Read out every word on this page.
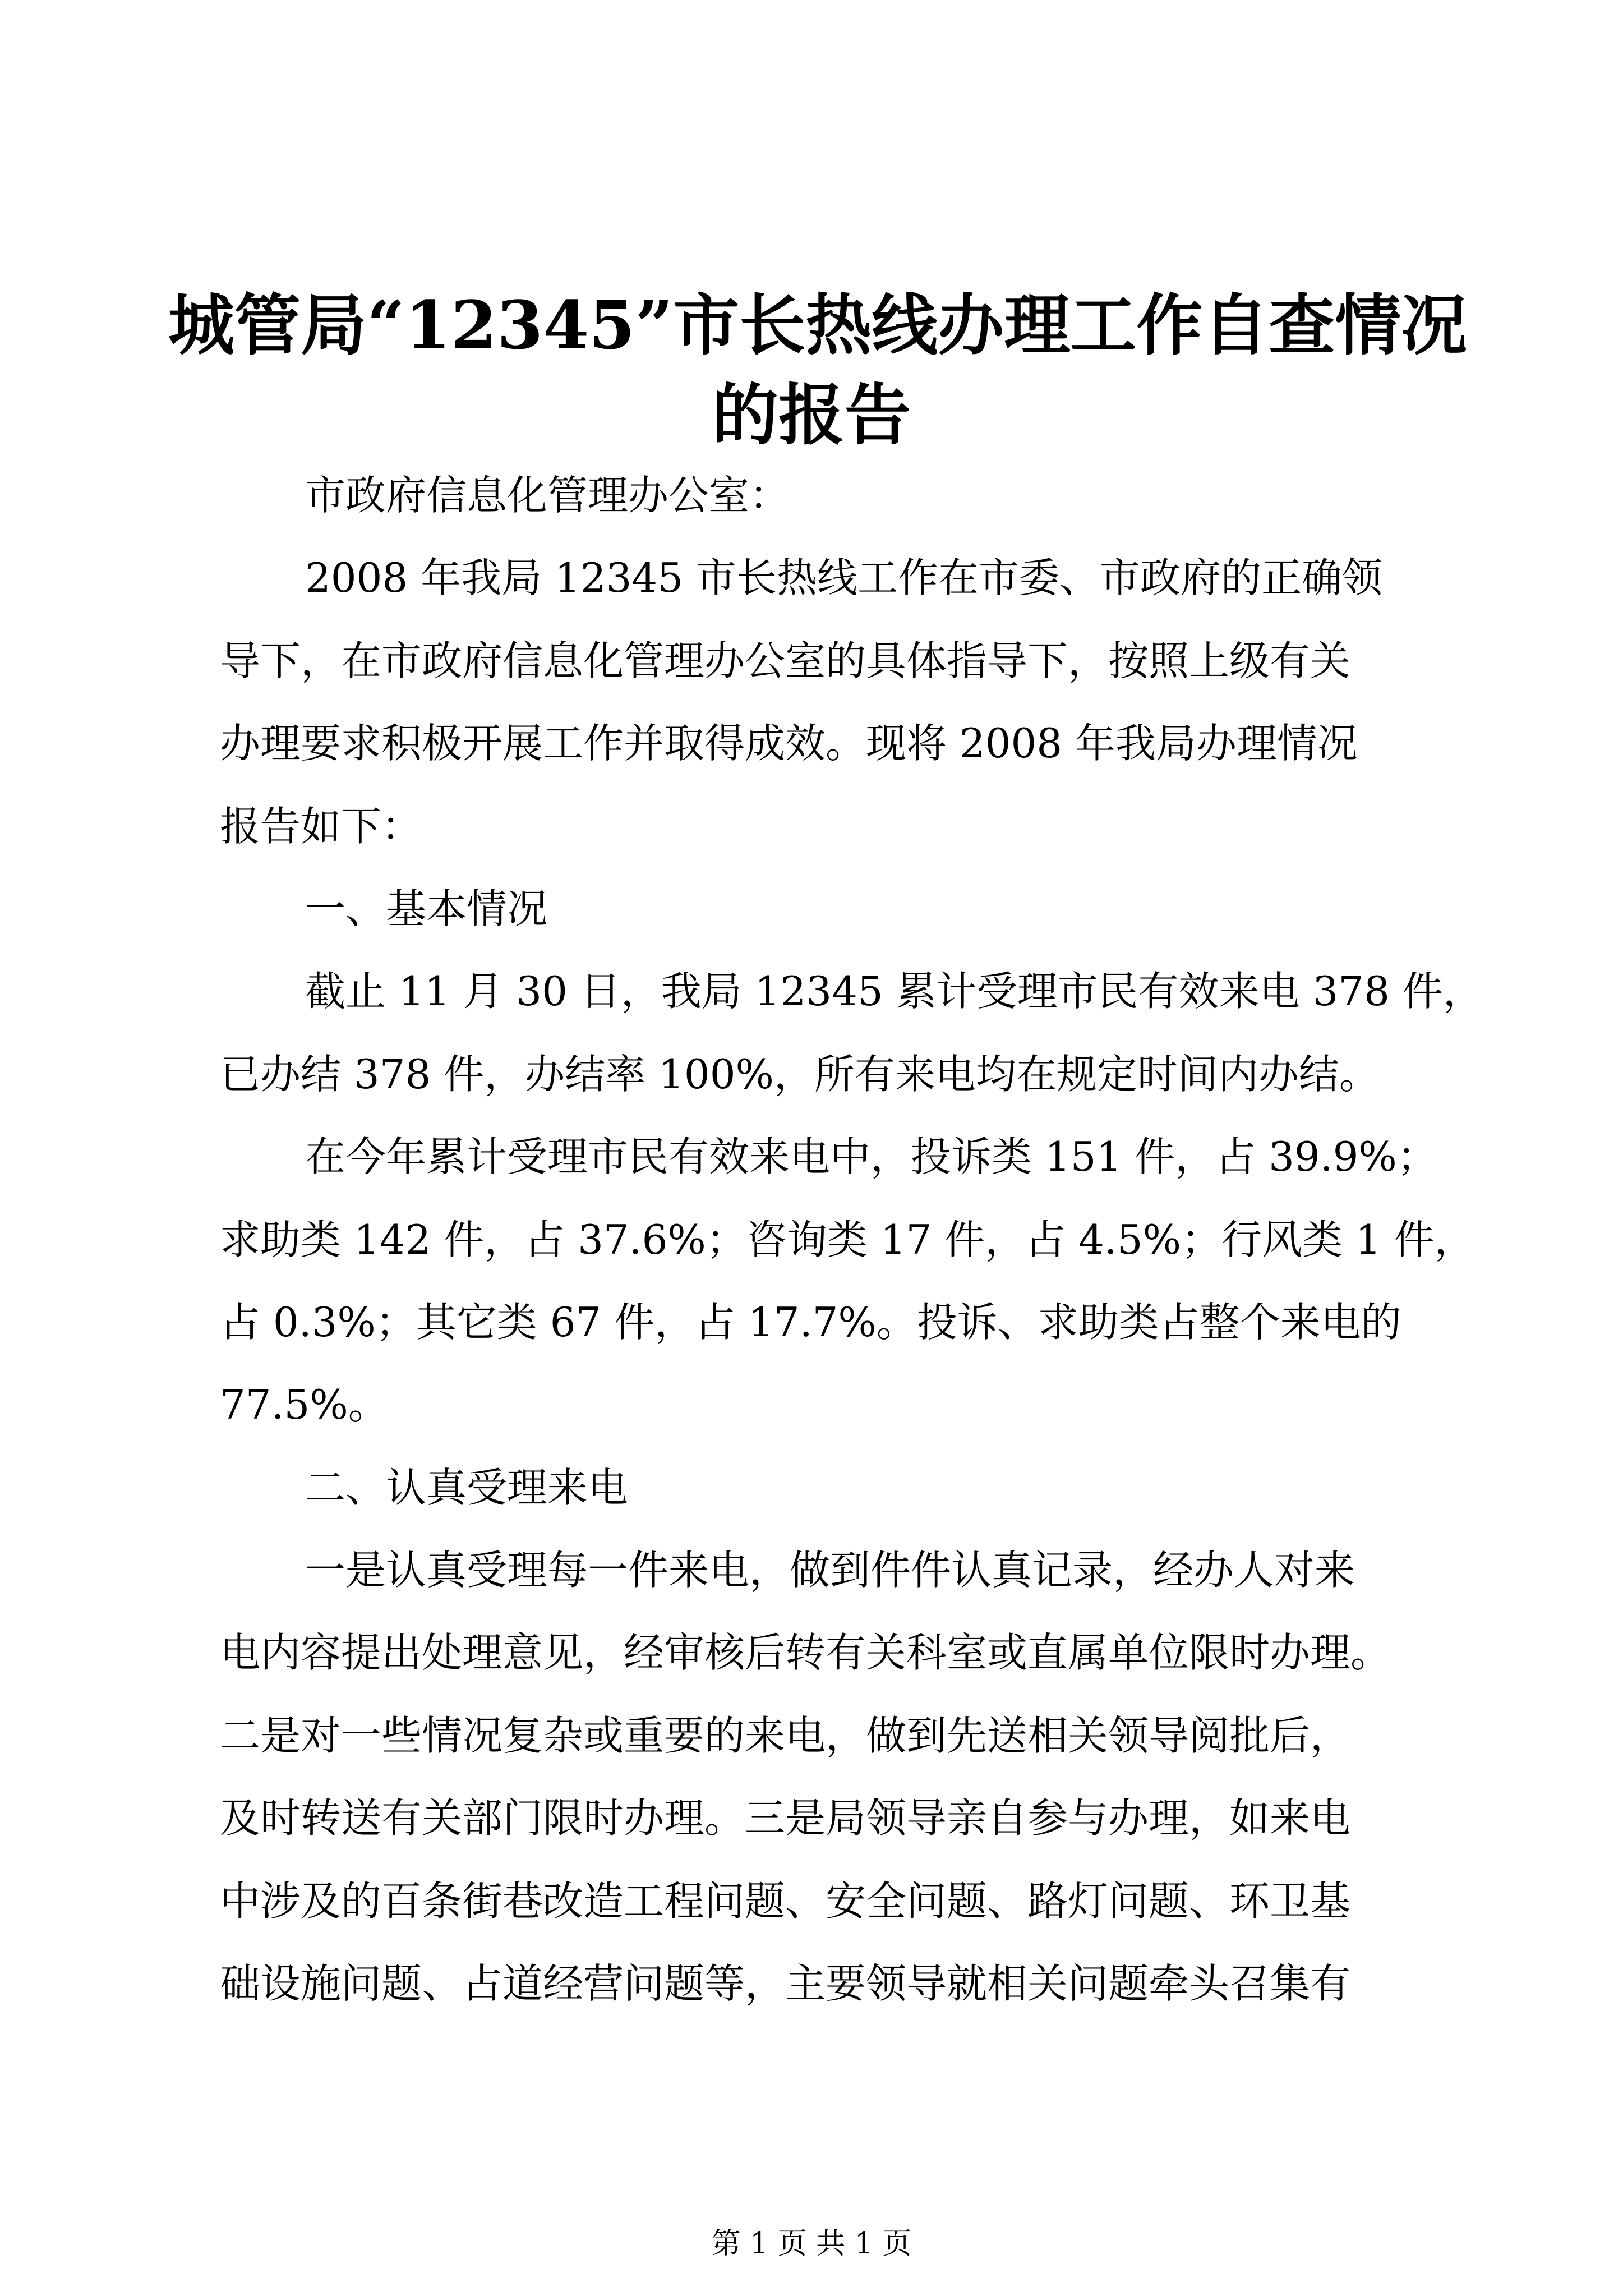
城管局“12345”市长热线办理工作自查情况
的报告
市政府信息化管理办公室：
2008 年我局 12345 市长热线工作在市委、市政府的正确领
导下，在市政府信息化管理办公室的具体指导下，按照上级有关
办理要求积极开展工作并取得成效。现将 2008 年我局办理情况
报告如下：
一、基本情况
截止 11 月 30 日，我局 12345 累计受理市民有效来电 378 件，
已办结 378 件，办结率 100%，所有来电均在规定时间内办结。
在今年累计受理市民有效来电中，投诉类 151 件，占 39.9%；
求助类 142 件，占 37.6%；咨询类 17 件，占 4.5%；行风类 1 件，
占 0.3%；其它类 67 件，占 17.7%。投诉、求助类占整个来电的
77.5%。
二、认真受理来电
一是认真受理每一件来电，做到件件认真记录，经办人对来
电内容提出处理意见，经审核后转有关科室或直属单位限时办理。
二是对一些情况复杂或重要的来电，做到先送相关领导阅批后，
及时转送有关部门限时办理。三是局领导亲自参与办理，如来电
中涉及的百条街巷改造工程问题、安全问题、路灯问题、环卫基
础设施问题、占道经营问题等，主要领导就相关问题牵头召集有
第 1 页 共 1 页
